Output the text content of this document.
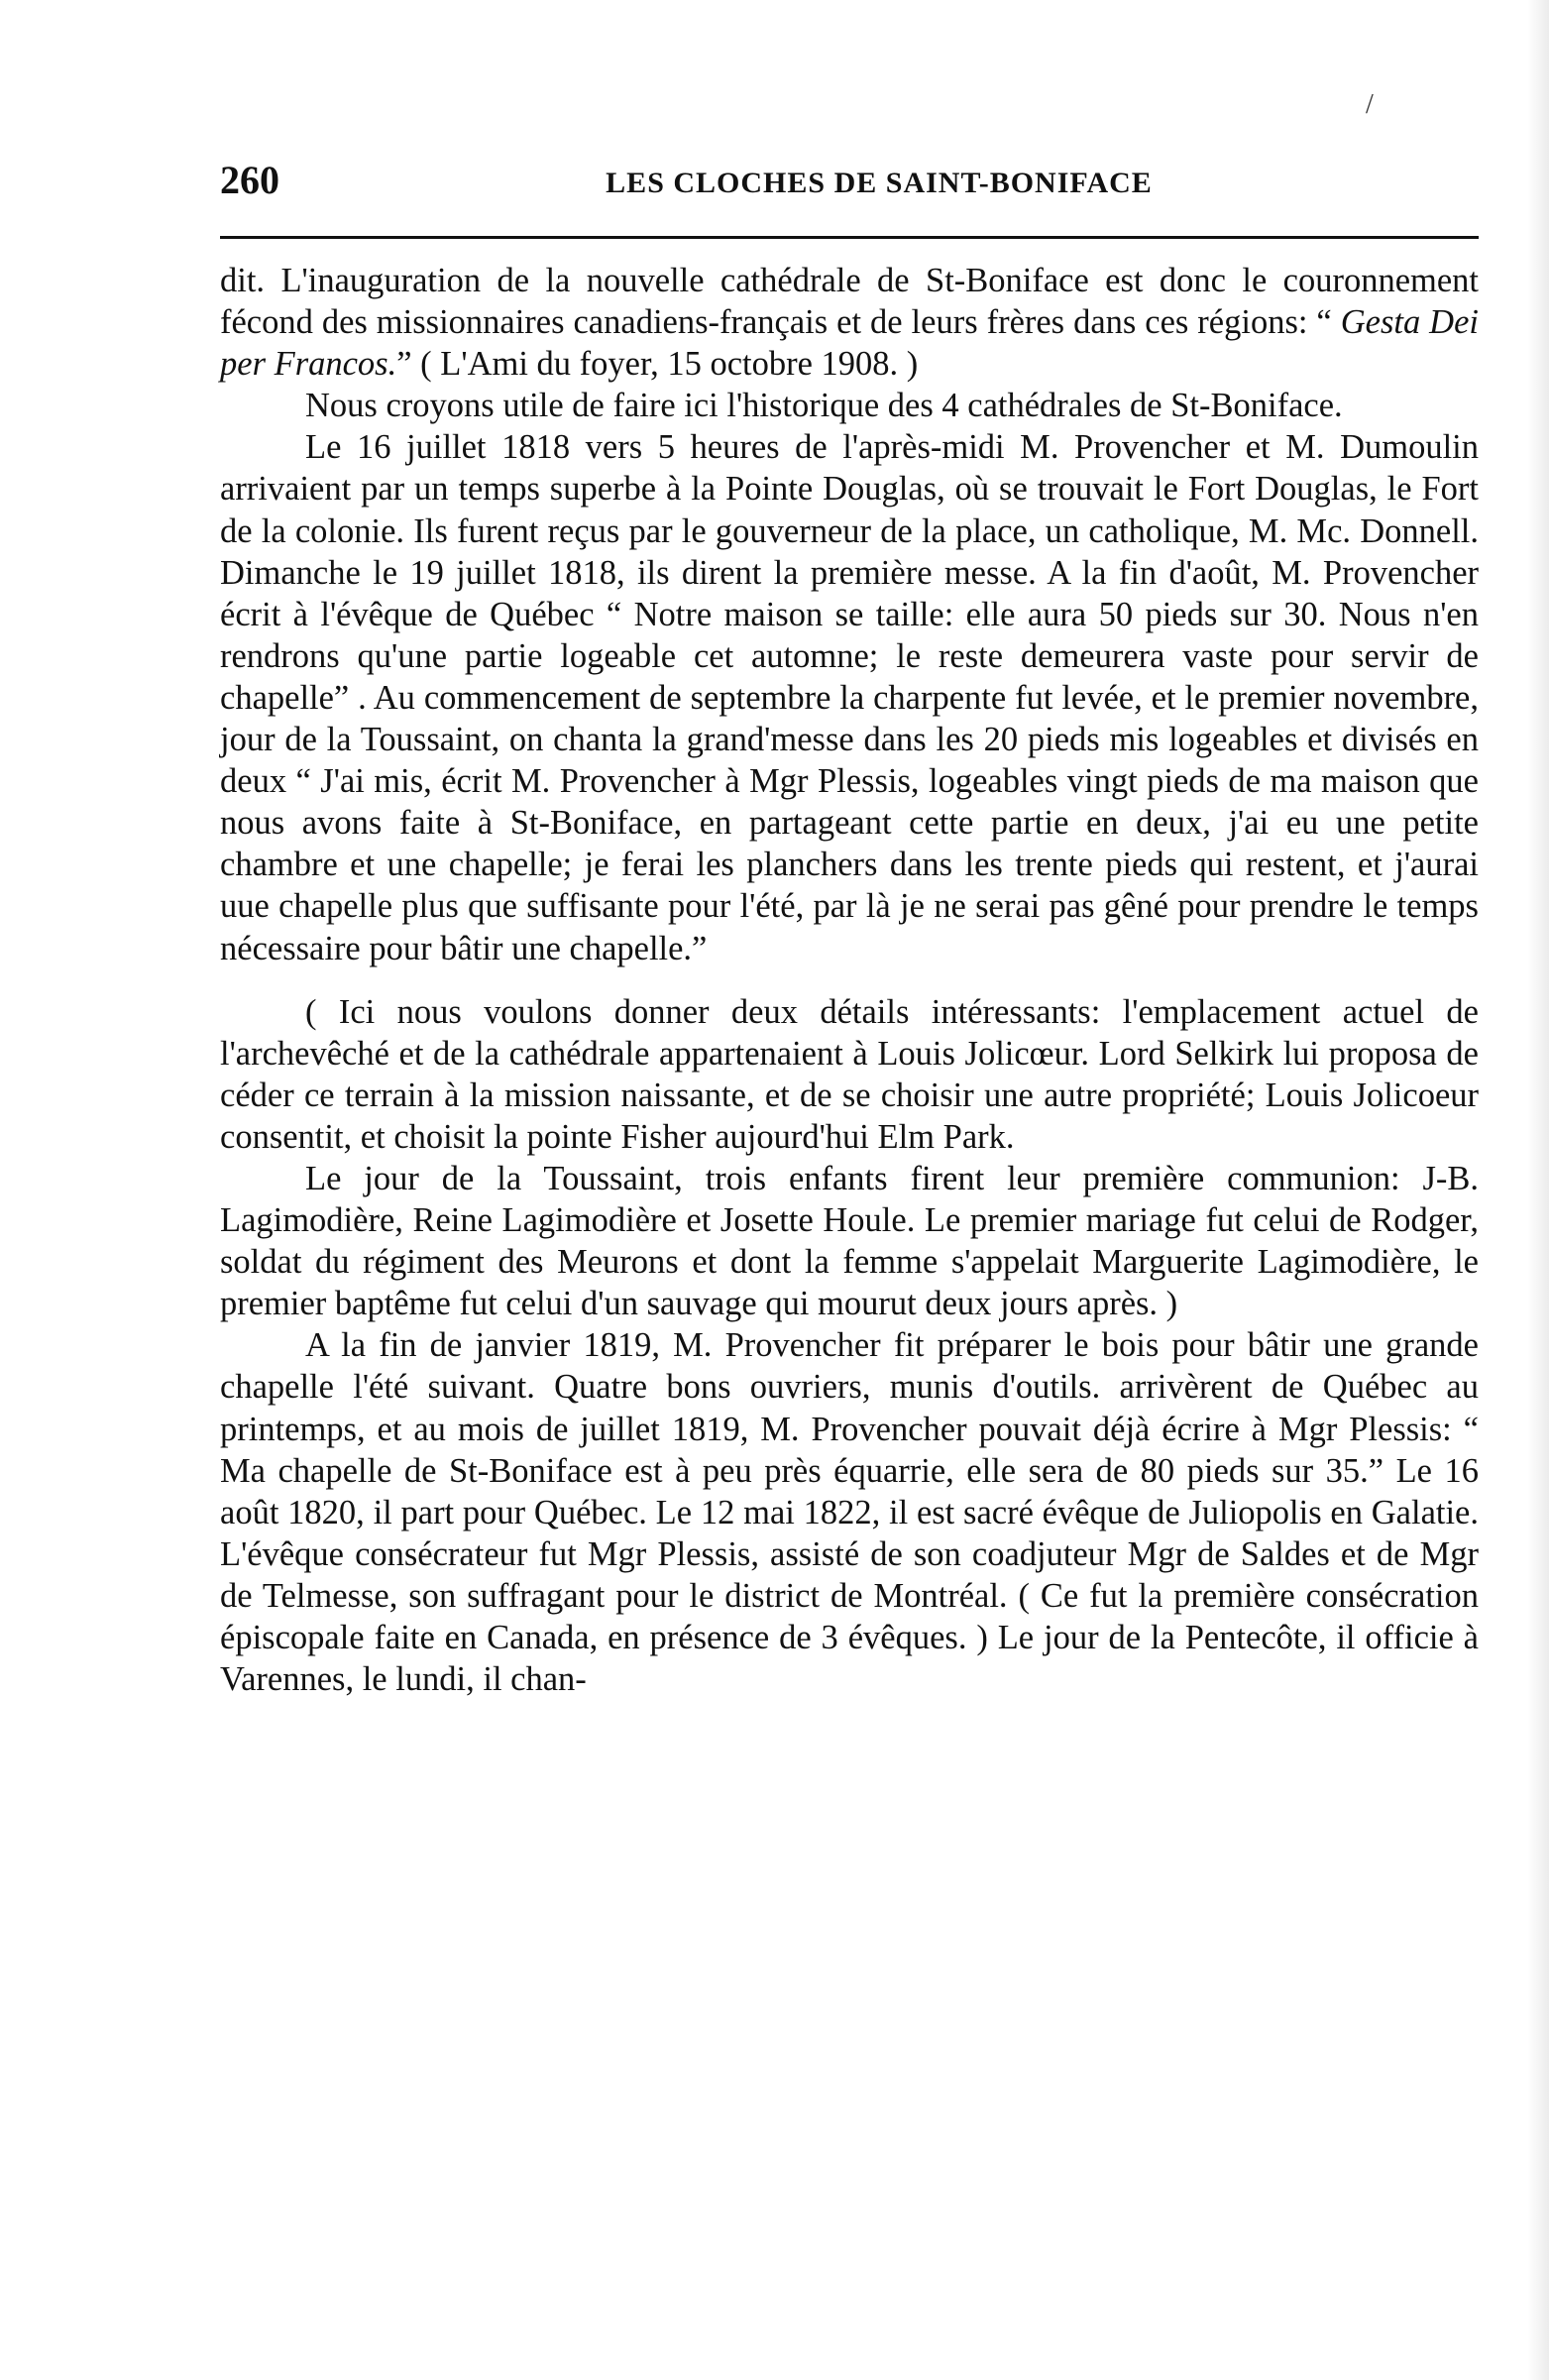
/
260	LES CLOCHES DE SAINT-BONIFACE

dit. L'inauguration de la nouvelle cathédrale de St-Boniface est donc le couronnement fécond des missionnaires canadiens-français et de leurs frères dans ces régions: “ Gesta Dei per Francos.” ( L'Ami du foyer, 15 octobre 1908. )

Nous croyons utile de faire ici l'historique des 4 cathédrales de St-Boniface.

Le 16 juillet 1818 vers 5 heures de l'après-midi M. Provencher et M. Dumoulin arrivaient par un temps superbe à la Pointe Douglas, où se trouvait le Fort Douglas, le Fort de la colonie. Ils furent reçus par le gouverneur de la place, un catholique, M. Mc. Donnell. Dimanche le 19 juillet 1818, ils dirent la première messe. A la fin d'août, M. Provencher écrit à l'évêque de Québec “ Notre maison se taille: elle aura 50 pieds sur 30. Nous n'en rendrons qu'une partie logeable cet automne; le reste demeurera vaste pour servir de chapelle” . Au commencement de septembre la charpente fut levée, et le premier novembre, jour de la Toussaint, on chanta la grand'messe dans les 20 pieds mis logeables et divisés en deux “ J'ai mis, écrit M. Provencher à Mgr Plessis, logeables vingt pieds de ma maison que nous avons faite à St-Boniface, en partageant cette partie en deux, j'ai eu une petite chambre et une chapelle; je ferai les planchers dans les trente pieds qui restent, et j'aurai uue chapelle plus que suffisante pour l'été, par là je ne serai pas gêné pour prendre le temps nécessaire pour bâtir une chapelle.”

( Ici nous voulons donner deux détails intéressants: l'emplacement actuel de l'archevêché et de la cathédrale appartenaient à Louis Jolicœur. Lord Selkirk lui proposa de céder ce terrain à la mission naissante, et de se choisir une autre propriété; Louis Jolicoeur consentit, et choisit la pointe Fisher aujourd'hui Elm Park.

Le jour de la Toussaint, trois enfants firent leur première communion: J-B. Lagimodière, Reine Lagimodière et Josette Houle. Le premier mariage fut celui de Rodger, soldat du régiment des Meurons et dont la femme s'appelait Marguerite Lagimodière, le premier baptême fut celui d'un sauvage qui mourut deux jours après. )

A la fin de janvier 1819, M. Provencher fit préparer le bois pour bâtir une grande chapelle l'été suivant. Quatre bons ouvriers, munis d'outils. arrivèrent de Québec au printemps, et au mois de juillet 1819, M. Provencher pouvait déjà écrire à Mgr Plessis: “ Ma chapelle de St-Boniface est à peu près équarrie, elle sera de 80 pieds sur 35.” Le 16 août 1820, il part pour Québec. Le 12 mai 1822, il est sacré évêque de Juliopolis en Galatie. L'évêque consécrateur fut Mgr Plessis, assisté de son coadjuteur Mgr de Saldes et de Mgr de Telmesse, son suffragant pour le district de Montréal. ( Ce fut la première consécration épiscopale faite en Canada, en présence de 3 évêques. ) Le jour de la Pentecôte, il officie à Varennes, le lundi, il chan-
